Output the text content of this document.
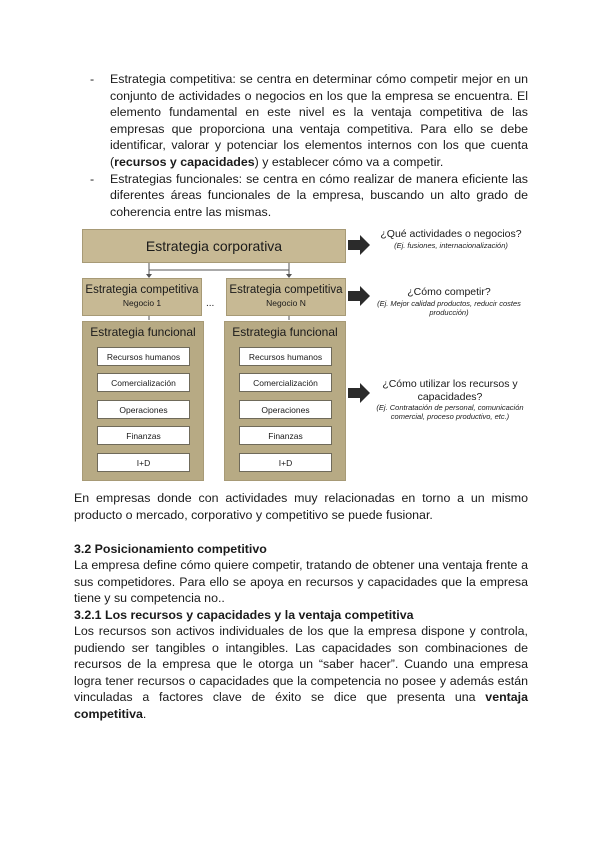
- Estrategia competitiva: se centra en determinar cómo competir mejor en un conjunto de actividades o negocios en los que la empresa se encuentra. El elemento fundamental en este nivel es la ventaja competitiva de las empresas que proporciona una ventaja competitiva. Para ello se debe identificar, valorar y potenciar los elementos internos con los que cuenta (recursos y capacidades) y establecer cómo va a competir.
- Estrategias funcionales: se centra en cómo realizar de manera eficiente las diferentes áreas funcionales de la empresa, buscando un alto grado de coherencia entre las mismas.
Estrategia corporativa
Estrategia competitiva
Negocio 1	...
Estrategia competitiva
Negocio N
Estrategia funcional
Recursos humanos
Comercialización
Operaciones
Finanzas
I+D
Estrategia funcional
Recursos humanos
Comercialización
Operaciones
Finanzas
I+D
¿Qué actividades o negocios?
(Ej. fusiones, internacionalización)
¿Cómo competir?
(Ej. Mejor calidad productos, reducir costes producción)
¿Cómo utilizar los recursos y capacidades?
(Ej. Contratación de personal, comunicación comercial, proceso productivo, etc.)

En empresas donde con actividades muy relacionadas en torno a un mismo producto o mercado, corporativo y competitivo se puede fusionar.

3.2 Posicionamiento competitivo

La empresa define cómo quiere competir, tratando de obtener una ventaja frente a sus competidores. Para ello se apoya en recursos y capacidades que la empresa tiene y su competencia no..

3.2.1 Los recursos y capacidades y la ventaja competitiva

Los recursos son activos individuales de los que la empresa dispone y controla, pudiendo ser tangibles o intangibles. Las capacidades son combinaciones de recursos de la empresa que le otorga un “saber hacer”. Cuando una empresa logra tener recursos o capacidades que la competencia no posee y además están vinculadas a factores clave de éxito se dice que presenta una ventaja competitiva.
